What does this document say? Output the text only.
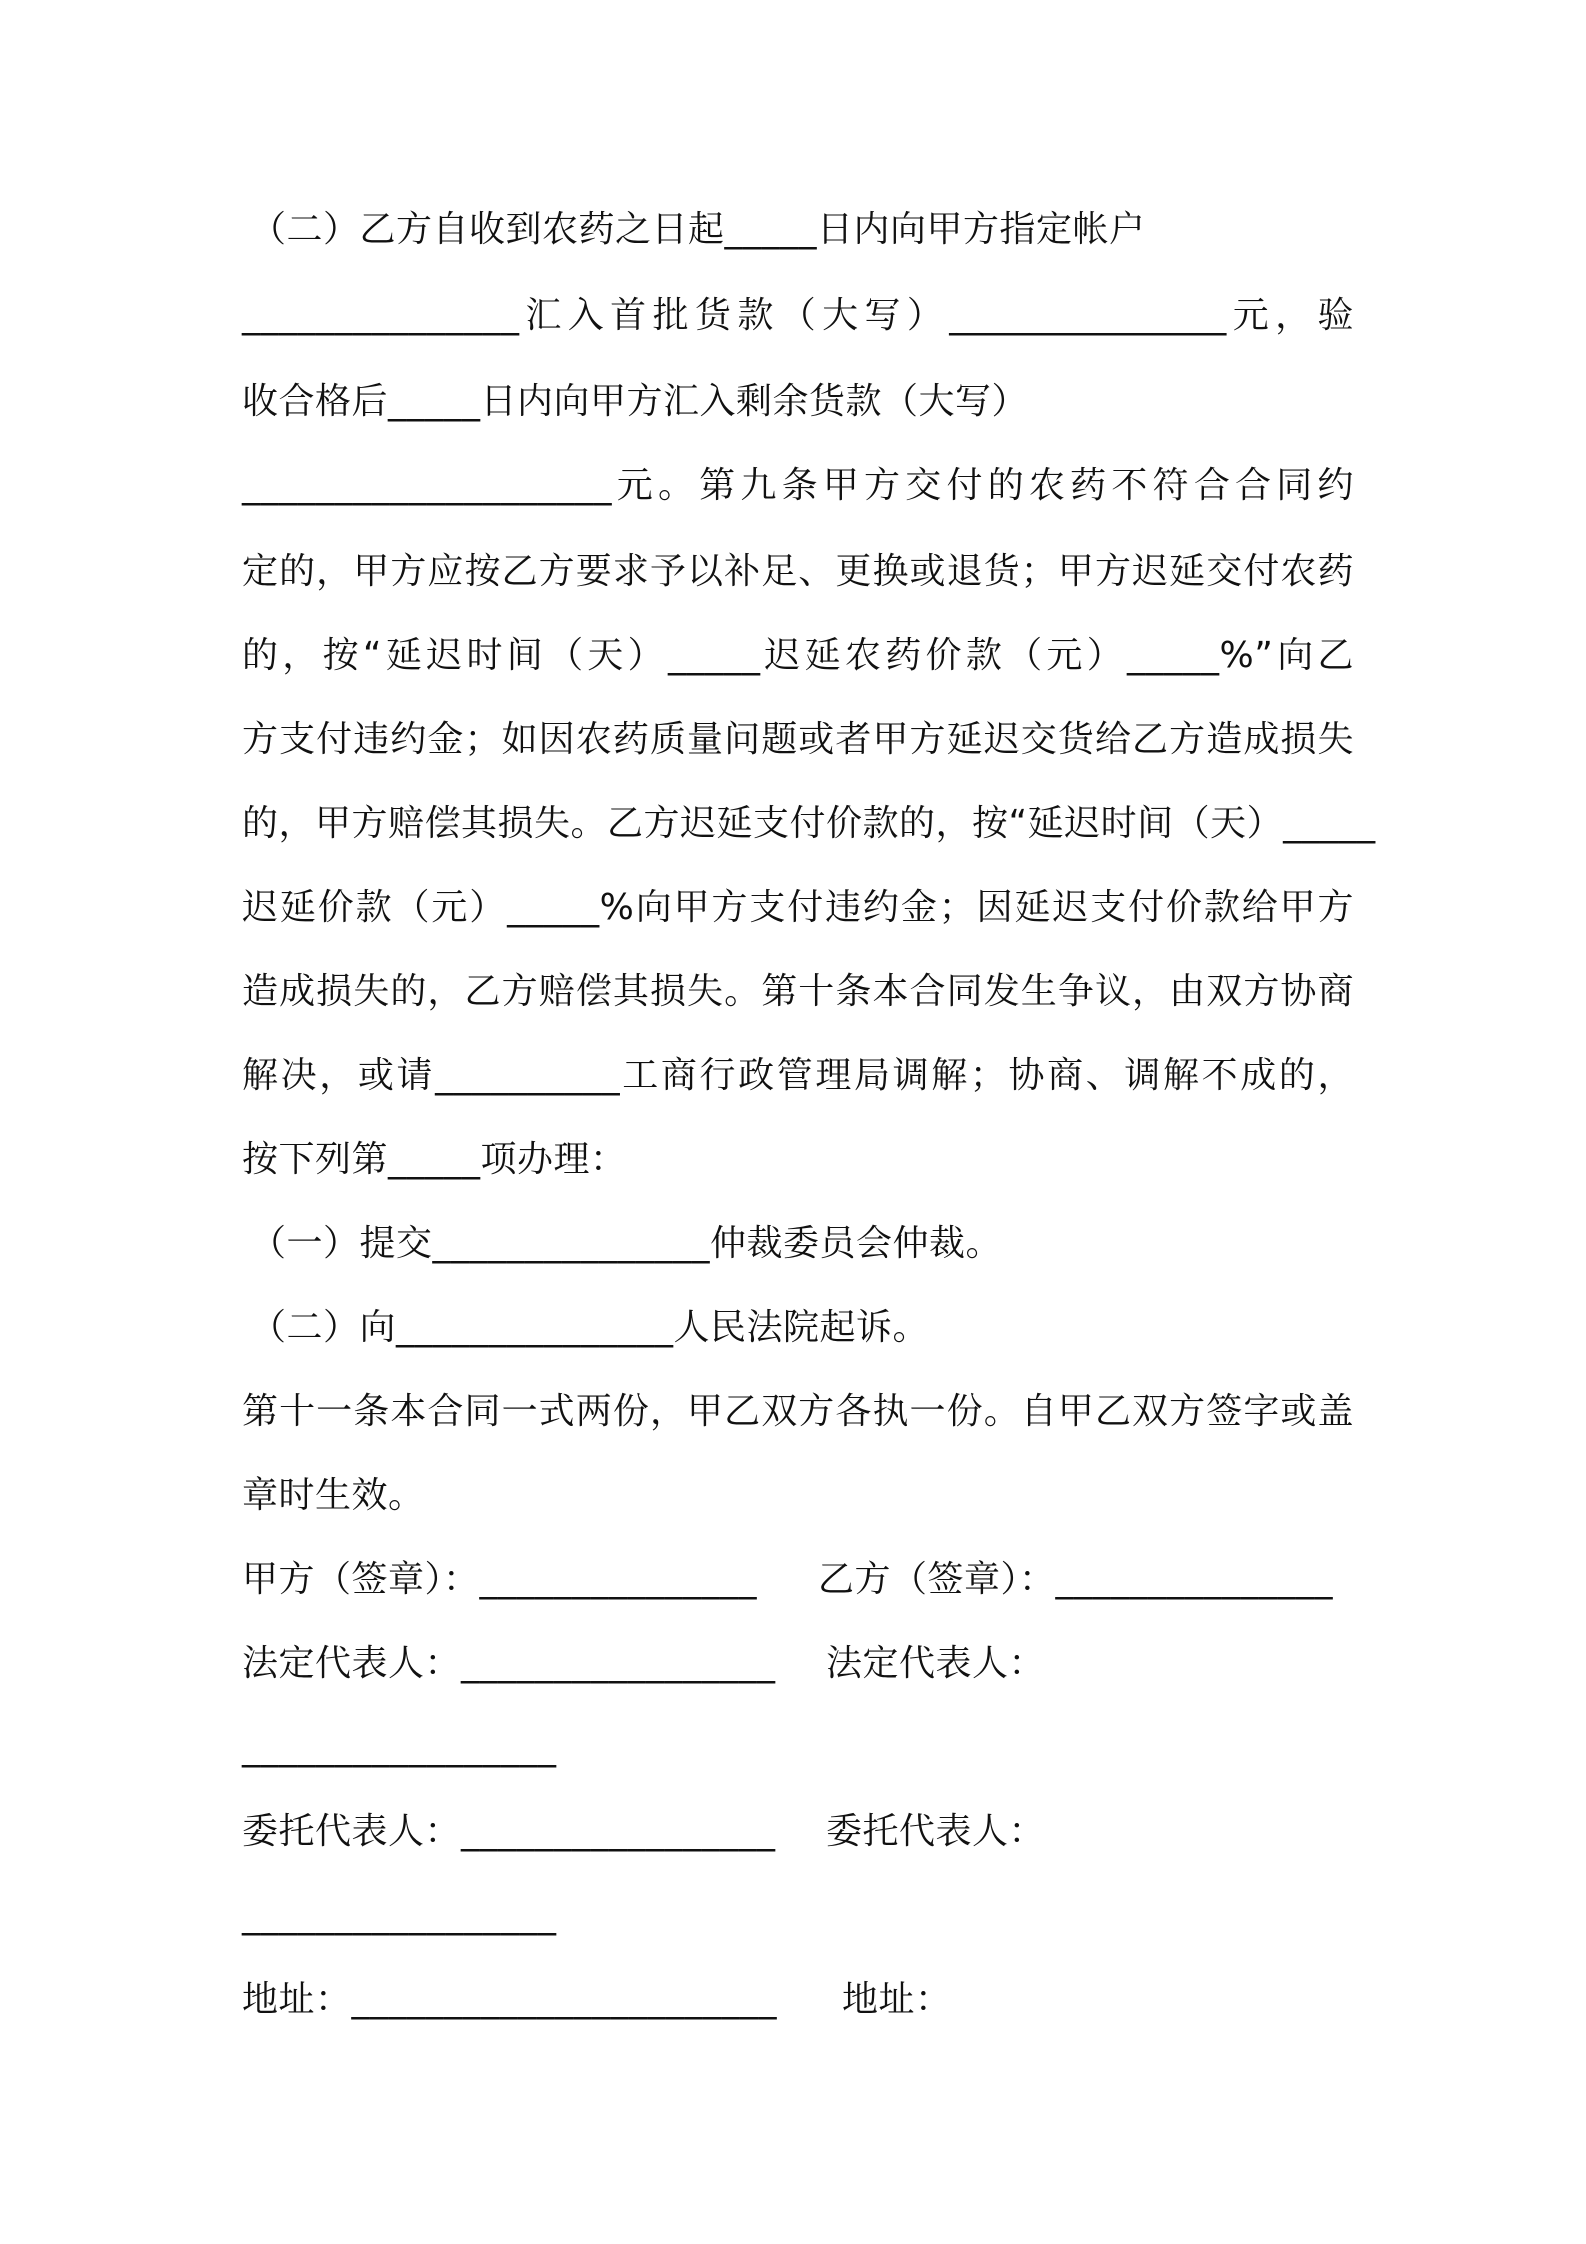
（二）乙方自收到农药之日起_____日内向甲方指定帐户
_______________汇入首批货款（大写）_______________元，验
收合格后_____日内向甲方汇入剩余货款（大写）
____________________元。第九条甲方交付的农药不符合合同约
定的，甲方应按乙方要求予以补足、更换或退货；甲方迟延交付农药
的，按“延迟时间（天）_____迟延农药价款（元）_____%”向乙
方支付违约金；如因农药质量问题或者甲方延迟交货给乙方造成损失
的，甲方赔偿其损失。乙方迟延支付价款的，按“延迟时间（天）_____
迟延价款（元）_____%向甲方支付违约金；因延迟支付价款给甲方
造成损失的，乙方赔偿其损失。第十条本合同发生争议，由双方协商
解决，或请__________工商行政管理局调解；协商、调解不成的，
按下列第_____项办理：
（一）提交_______________仲裁委员会仲裁。
（二）向_______________人民法院起诉。
第十一条本合同一式两份，甲乙双方各执一份。自甲乙双方签字或盖
章时生效。
甲方（签章）：_______________ 乙方（签章）：_______________
法定代表人：_________________ 法定代表人：
_________________
委托代表人：_________________ 委托代表人：
_________________
地址：_______________________ 地址：
